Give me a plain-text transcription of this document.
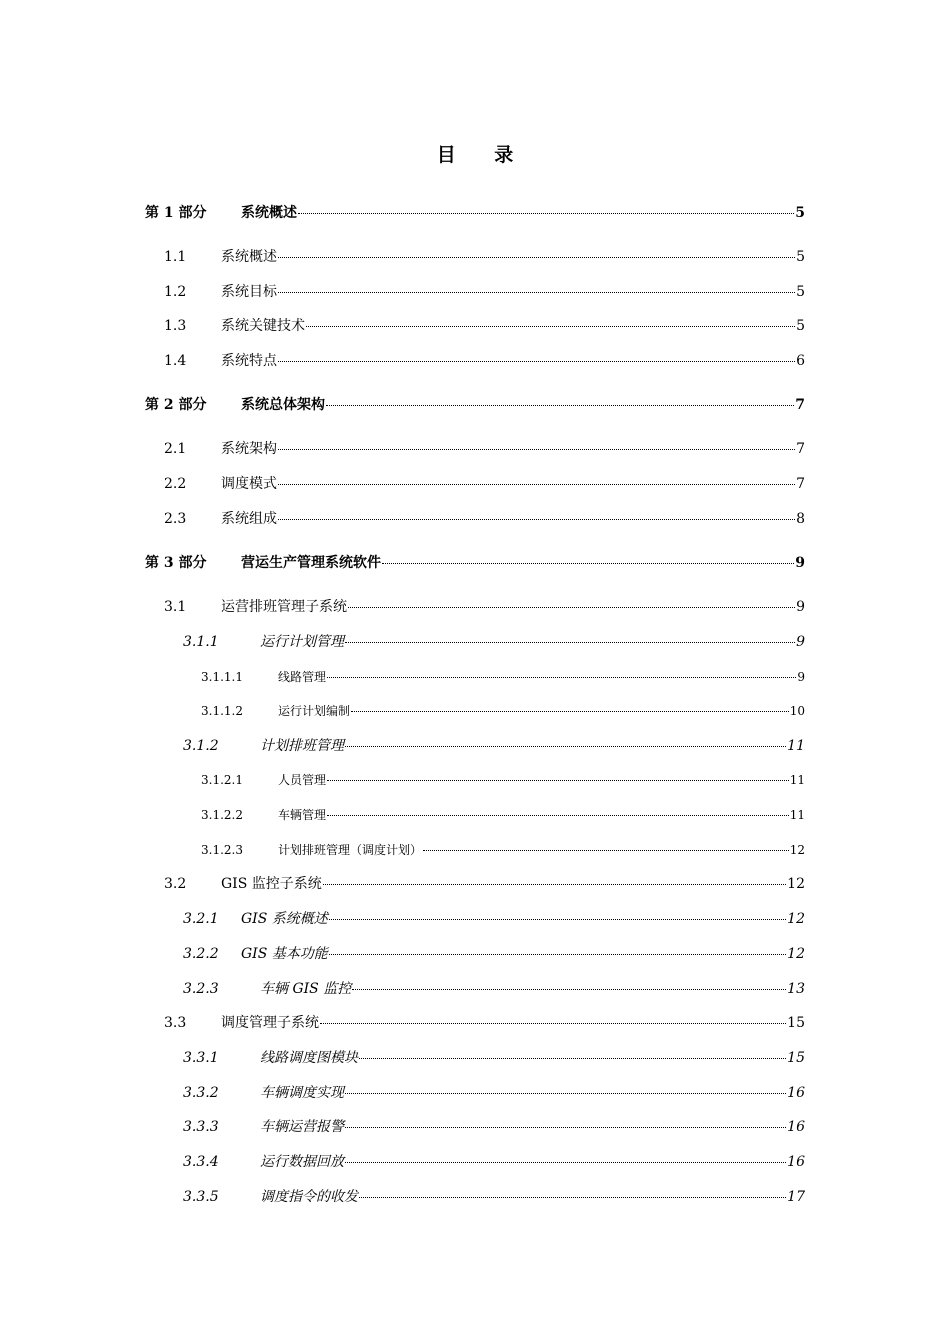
目 录
第 1 部分	系统概述	5
1.1	系统概述	5
1.2	系统目标	5
1.3	系统关键技术	5
1.4	系统特点	6
第 2 部分	系统总体架构	7
2.1	系统架构	7
2.2	调度模式	7
2.3	系统组成	8
第 3 部分	营运生产管理系统软件	9
3.1	运营排班管理子系统	9
3.1.1	运行计划管理	9
3.1.1.1	线路管理	9
3.1.1.2	运行计划编制	10
3.1.2	计划排班管理	11
3.1.2.1	人员管理	11
3.1.2.2	车辆管理	11
3.1.2.3	计划排班管理（调度计划）	12
3.2	GIS 监控子系统	12
3.2.1	GIS 系统概述	12
3.2.2	GIS 基本功能	12
3.2.3	车辆 GIS 监控	13
3.3	调度管理子系统	15
3.3.1	线路调度图模块	15
3.3.2	车辆调度实现	16
3.3.3	车辆运营报警	16
3.3.4	运行数据回放	16
3.3.5	调度指令的收发	17
